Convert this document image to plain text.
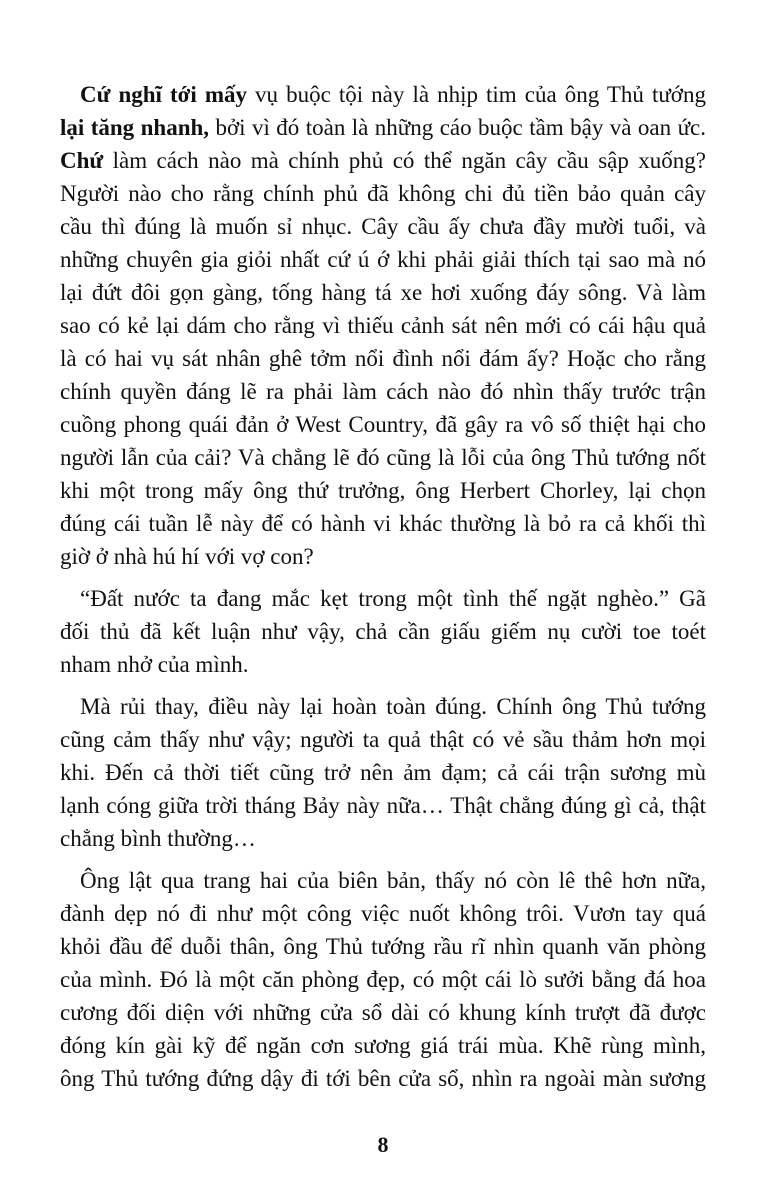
Cứ nghĩ tới mấy vụ buộc tội này là nhịp tim của ông Thủ tướng
lại tăng nhanh, bởi vì đó toàn là những cáo buộc tầm bậy và oan ức.
Chứ làm cách nào mà chính phủ có thể ngăn cây cầu sập xuống?
Người nào cho rằng chính phủ đã không chi đủ tiền bảo quản cây
cầu thì đúng là muốn sỉ nhục. Cây cầu ấy chưa đầy mười tuổi, và
những chuyên gia giỏi nhất cứ ú ớ khi phải giải thích tại sao mà nó
lại đứt đôi gọn gàng, tống hàng tá xe hơi xuống đáy sông. Và làm
sao có kẻ lại dám cho rằng vì thiếu cảnh sát nên mới có cái hậu quả
là có hai vụ sát nhân ghê tởm nổi đình nổi đám ấy? Hoặc cho rằng
chính quyền đáng lẽ ra phải làm cách nào đó nhìn thấy trước trận
cuồng phong quái đản ở West Country, đã gây ra vô số thiệt hại cho
người lẫn của cải? Và chẳng lẽ đó cũng là lỗi của ông Thủ tướng nốt
khi một trong mấy ông thứ trưởng, ông Herbert Chorley, lại chọn
đúng cái tuần lễ này để có hành vi khác thường là bỏ ra cả khối thì
giờ ở nhà hú hí với vợ con?
“Đất nước ta đang mắc kẹt trong một tình thế ngặt nghèo.” Gã
đối thủ đã kết luận như vậy, chả cần giấu giếm nụ cười toe toét
nham nhở của mình.
Mà rủi thay, điều này lại hoàn toàn đúng. Chính ông Thủ tướng
cũng cảm thấy như vậy; người ta quả thật có vẻ sầu thảm hơn mọi
khi. Đến cả thời tiết cũng trở nên ảm đạm; cả cái trận sương mù
lạnh cóng giữa trời tháng Bảy này nữa… Thật chẳng đúng gì cả, thật
chẳng bình thường…
Ông lật qua trang hai của biên bản, thấy nó còn lê thê hơn nữa,
đành dẹp nó đi như một công việc nuốt không trôi. Vươn tay quá
khỏi đầu để duỗi thân, ông Thủ tướng rầu rĩ nhìn quanh văn phòng
của mình. Đó là một căn phòng đẹp, có một cái lò sưởi bằng đá hoa
cương đối diện với những cửa sổ dài có khung kính trượt đã được
đóng kín gài kỹ để ngăn cơn sương giá trái mùa. Khẽ rùng mình,
ông Thủ tướng đứng dậy đi tới bên cửa sổ, nhìn ra ngoài màn sương
8
